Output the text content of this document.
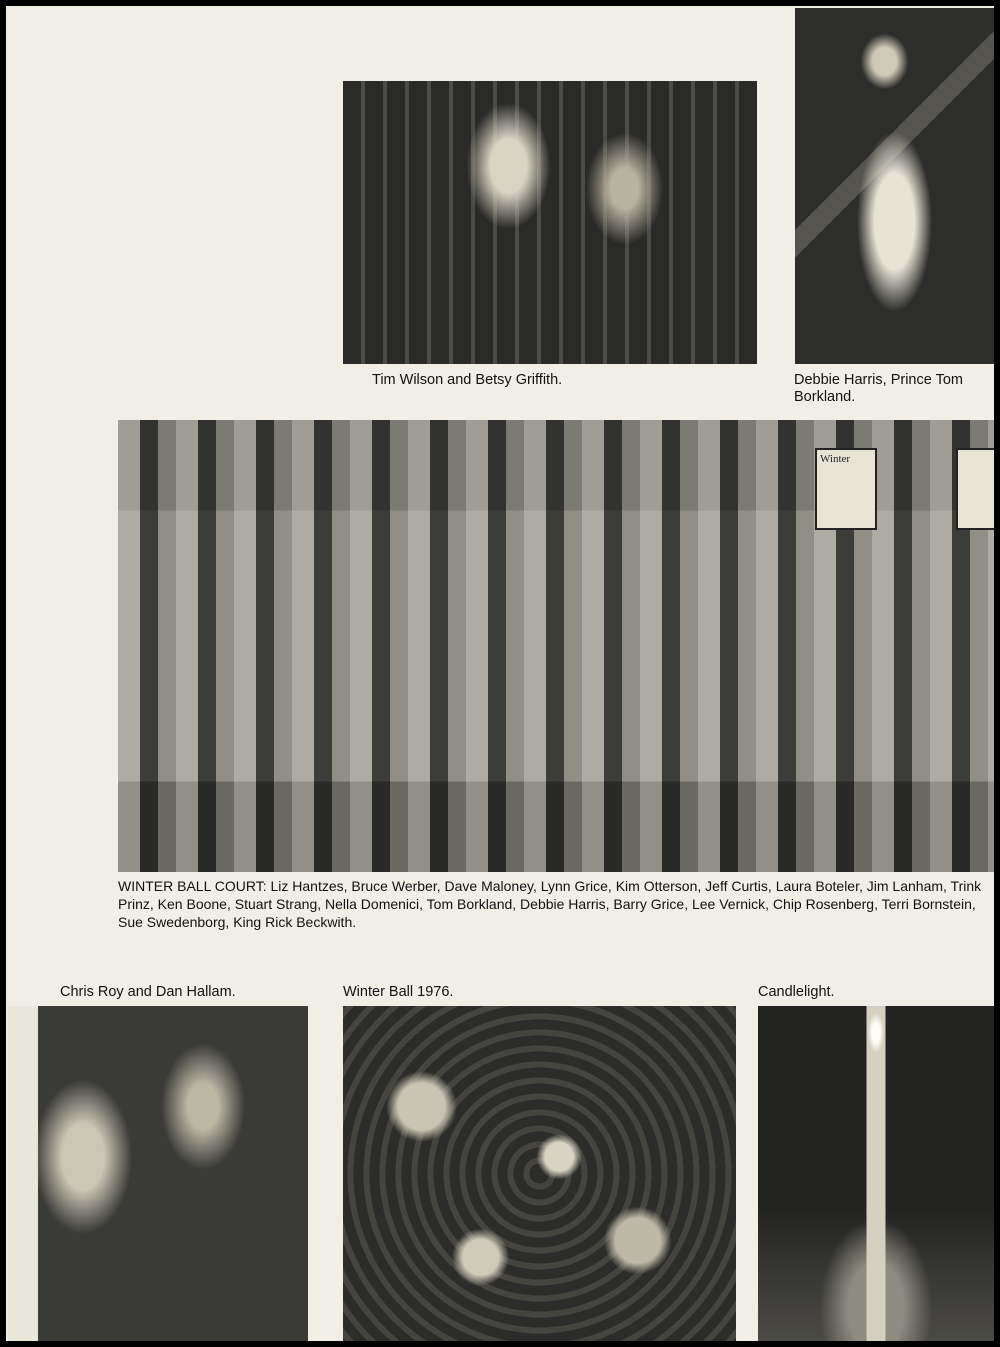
Tim Wilson and Betsy Griffith.	Debbie Harris, Prince Tom Borkland.
Winter
WINTER BALL COURT: Liz Hantzes, Bruce Werber, Dave Maloney, Lynn Grice, Kim Otterson, Jeff Curtis, Laura Boteler, Jim Lanham, Trink Prinz, Ken Boone, Stuart Strang, Nella Domenici, Tom Borkland, Debbie Harris, Barry Grice, Lee Vernick, Chip Rosenberg, Terri Bornstein, Sue Swedenborg, King Rick Beckwith.
Chris Roy and Dan Hallam.	Winter Ball 1976.	Candlelight.
